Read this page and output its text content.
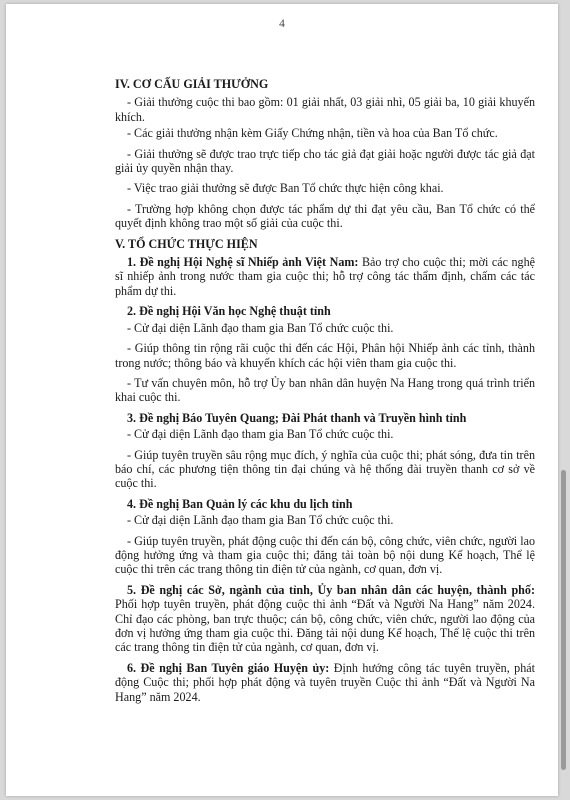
4
IV. CƠ CẤU GIẢI THƯỞNG

- Giải thưởng cuộc thi bao gồm: 01 giải nhất, 03 giải nhì, 05 giải ba, 10 giải khuyến khích.

- Các giải thưởng nhận kèm Giấy Chứng nhận, tiền và hoa của Ban Tổ chức.

- Giải thưởng sẽ được trao trực tiếp cho tác giả đạt giải hoặc người được tác giả đạt giải ủy quyền nhận thay.

- Việc trao giải thưởng sẽ được Ban Tổ chức thực hiện công khai.

- Trường hợp không chọn được tác phẩm dự thi đạt yêu cầu, Ban Tổ chức có thể quyết định không trao một số giải của cuộc thi.

V. TỔ CHỨC THỰC HIỆN

1. Đề nghị Hội Nghệ sĩ Nhiếp ảnh Việt Nam: Bảo trợ cho cuộc thi; mời các nghệ sĩ nhiếp ảnh trong nước tham gia cuộc thi; hỗ trợ công tác thẩm định, chấm các tác phẩm dự thi.

2. Đề nghị Hội Văn học Nghệ thuật tỉnh

- Cử đại diện Lãnh đạo tham gia Ban Tổ chức cuộc thi.

- Giúp thông tin rộng rãi cuộc thi đến các Hội, Phân hội Nhiếp ảnh các tỉnh, thành trong nước; thông báo và khuyến khích các hội viên tham gia cuộc thi.

- Tư vấn chuyên môn, hỗ trợ Ủy ban nhân dân huyện Na Hang trong quá trình triển khai cuộc thi.

3. Đề nghị Báo Tuyên Quang; Đài Phát thanh và Truyền hình tỉnh

- Cử đại diện Lãnh đạo tham gia Ban Tổ chức cuộc thi.

- Giúp tuyên truyền sâu rộng mục đích, ý nghĩa của cuộc thi; phát sóng, đưa tin trên báo chí, các phương tiện thông tin đại chúng và hệ thống đài truyền thanh cơ sở về cuộc thi.

4. Đề nghị Ban Quản lý các khu du lịch tỉnh

- Cử đại diện Lãnh đạo tham gia Ban Tổ chức cuộc thi.

- Giúp tuyên truyền, phát động cuộc thi đến cán bộ, công chức, viên chức, người lao động hưởng ứng và tham gia cuộc thi; đăng tải toàn bộ nội dung Kế hoạch, Thể lệ cuộc thi trên các trang thông tin điện tử của ngành, cơ quan, đơn vị.

5. Đề nghị các Sở, ngành của tỉnh, Ủy ban nhân dân các huyện, thành phố: Phối hợp tuyên truyền, phát động cuộc thi ảnh “Đất và Người Na Hang” năm 2024. Chỉ đạo các phòng, ban trực thuộc; cán bộ, công chức, viên chức, người lao động của đơn vị hưởng ứng tham gia cuộc thi. Đăng tải nội dung Kế hoạch, Thể lệ cuộc thi trên các trang thông tin điện tử của ngành, cơ quan, đơn vị.

6. Đề nghị Ban Tuyên giáo Huyện ủy: Định hướng công tác tuyên truyền, phát động Cuộc thi; phối hợp phát động và tuyên truyền Cuộc thi ảnh “Đất và Người Na Hang” năm 2024.
